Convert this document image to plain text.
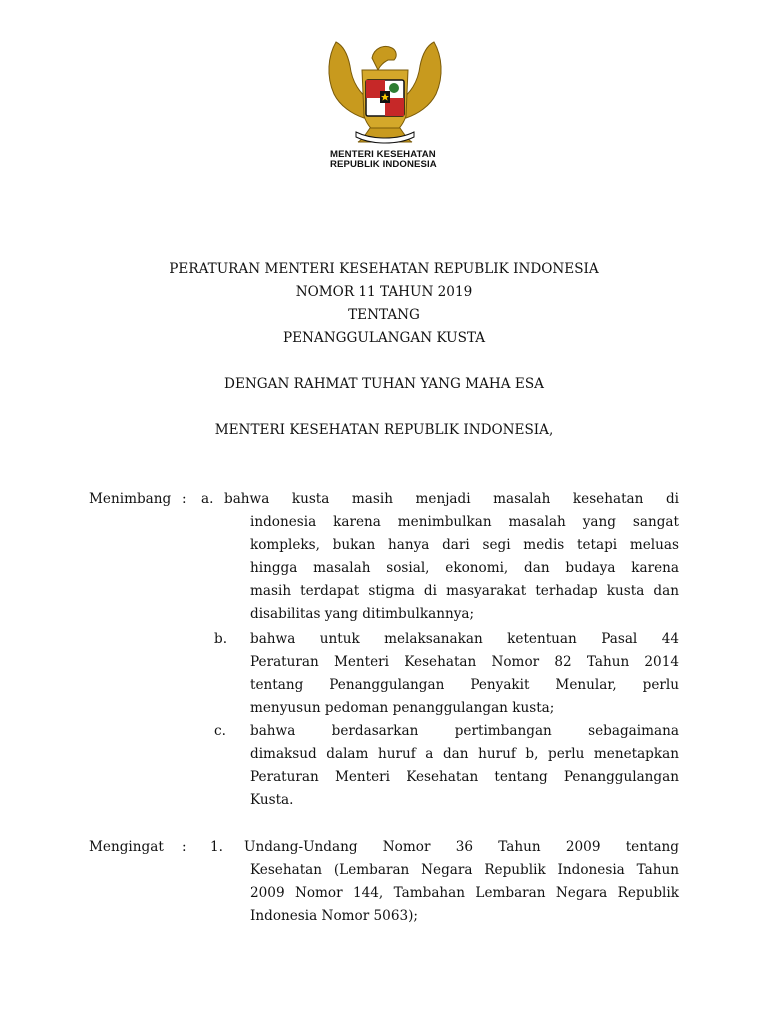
MENTERI KESEHATAN
REPUBLIK INDONESIA
PERATURAN MENTERI KESEHATAN REPUBLIK INDONESIA
NOMOR 11 TAHUN 2019
TENTANG
PENANGGULANGAN KUSTA
DENGAN RAHMAT TUHAN YANG MAHA ESA
MENTERI KESEHATAN REPUBLIK INDONESIA,
Menimbang : a. bahwa kusta masih menjadi masalah kesehatan di
indonesia karena menimbulkan masalah yang sangat
kompleks, bukan hanya dari segi medis tetapi meluas
hingga masalah sosial, ekonomi, dan budaya karena
masih terdapat stigma di masyarakat terhadap kusta dan
disabilitas yang ditimbulkannya;
b. bahwa untuk melaksanakan ketentuan Pasal 44
Peraturan Menteri Kesehatan Nomor 82 Tahun 2014
tentang Penanggulangan Penyakit Menular, perlu
menyusun pedoman penanggulangan kusta;
c. bahwa berdasarkan pertimbangan sebagaimana
dimaksud dalam huruf a dan huruf b, perlu menetapkan
Peraturan Menteri Kesehatan tentang Penanggulangan
Kusta.
Mengingat : 1. Undang-Undang Nomor 36 Tahun 2009 tentang
Kesehatan (Lembaran Negara Republik Indonesia Tahun
2009 Nomor 144, Tambahan Lembaran Negara Republik
Indonesia Nomor 5063);
